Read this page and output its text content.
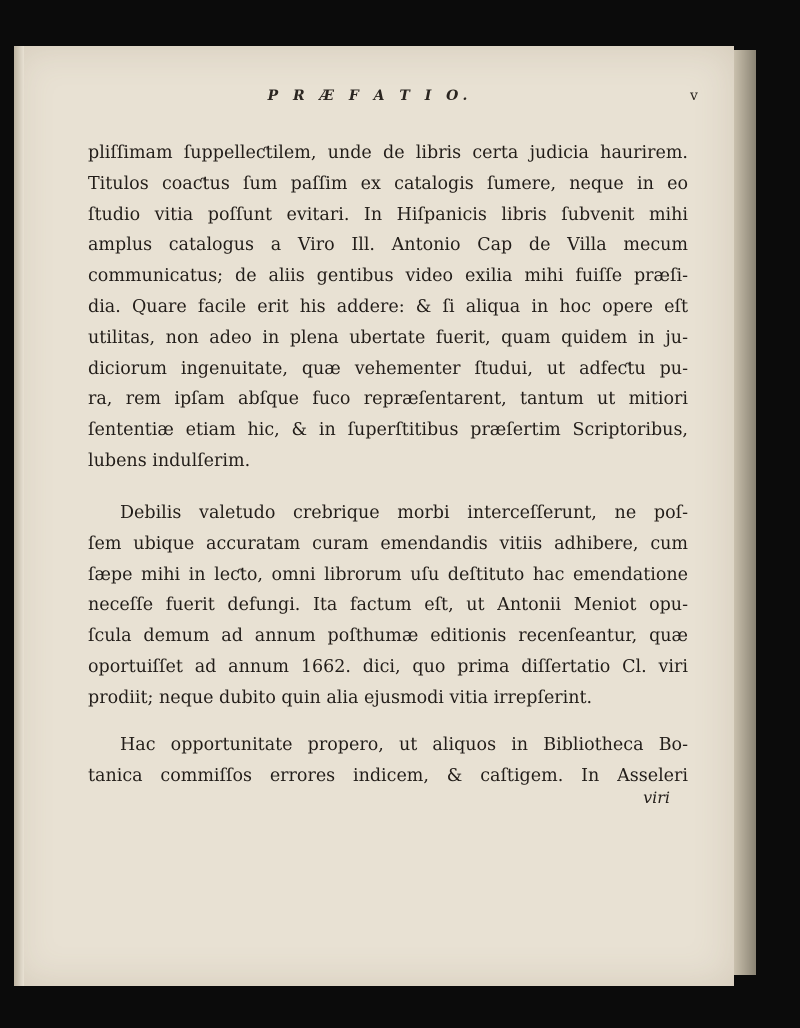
P R Æ F A T I O.	v
pliſſimam ſuppelleƈtilem, unde de libris certa judicia haurirem.
Titulos coaƈtus ſum paſſim ex catalogis ſumere, neque in eo
ſtudio vitia poſſunt evitari. In Hiſpanicis libris ſubvenit mihi
amplus catalogus a Viro Ill. Antonio Cap de Villa mecum
communicatus; de aliis gentibus video exilia mihi fuiſſe præſi-
dia. Quare facile erit his addere: & ſi aliqua in hoc opere eſt
utilitas, non adeo in plena ubertate fuerit, quam quidem in ju-
diciorum ingenuitate, quæ vehementer ſtudui, ut adfeƈtu pu-
ra, rem ipſam abſque fuco repræſentarent, tantum ut mitiori
ſententiæ etiam hic, & in ſuperſtitibus præſertim Scriptoribus,
lubens indulſerim.
Debilis valetudo crebrique morbi interceſſerunt, ne poſ-
ſem ubique accuratam curam emendandis vitiis adhibere, cum
ſæpe mihi in leƈto, omni librorum uſu deſtituto hac emendatione
neceſſe fuerit defungi. Ita factum eſt, ut Antonii Meniot opu-
ſcula demum ad annum poſthumæ editionis recenſeantur, quæ
oportuiſſet ad annum 1662. dici, quo prima diſſertatio Cl. viri
prodiit; neque dubito quin alia ejusmodi vitia irrepſerint.
Hac opportunitate propero, ut aliquos in Bibliotheca Bo-
tanica commiſſos errores indicem, & caſtigem. In Asseleri
viri
